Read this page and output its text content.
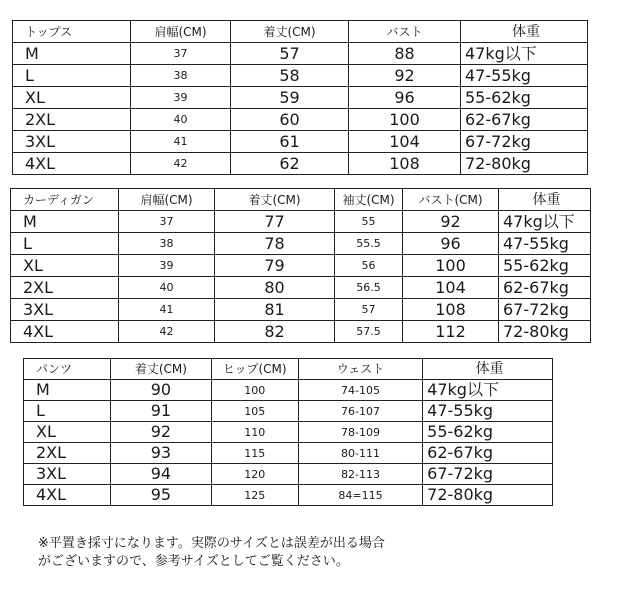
トップス	肩幅(CM)	着丈(CM)	バスト	体重
M	37	57	88	47kg以下
L	38	58	92	47-55kg
XL	39	59	96	55-62kg
2XL	40	60	100	62-67kg
3XL	41	61	104	67-72kg
4XL	42	62	108	72-80kg
カーディガン	肩幅(CM)	着丈(CM)	袖丈(CM)	バスト(CM)	体重
M	37	77	55	92	47kg以下
L	38	78	55.5	96	47-55kg
XL	39	79	56	100	55-62kg
2XL	40	80	56.5	104	62-67kg
3XL	41	81	57	108	67-72kg
4XL	42	82	57.5	112	72-80kg
パンツ	着丈(CM)	ヒップ(CM)	ウェスト	体重
M	90	100	74-105	47kg以下
L	91	105	76-107	47-55kg
XL	92	110	78-109	55-62kg
2XL	93	115	80-111	62-67kg
3XL	94	120	82-113	67-72kg
4XL	95	125	84=115	72-80kg
※平置き採寸になります。実際のサイズとは誤差が出る場合
がございますので、参考サイズとしてご覧ください。
